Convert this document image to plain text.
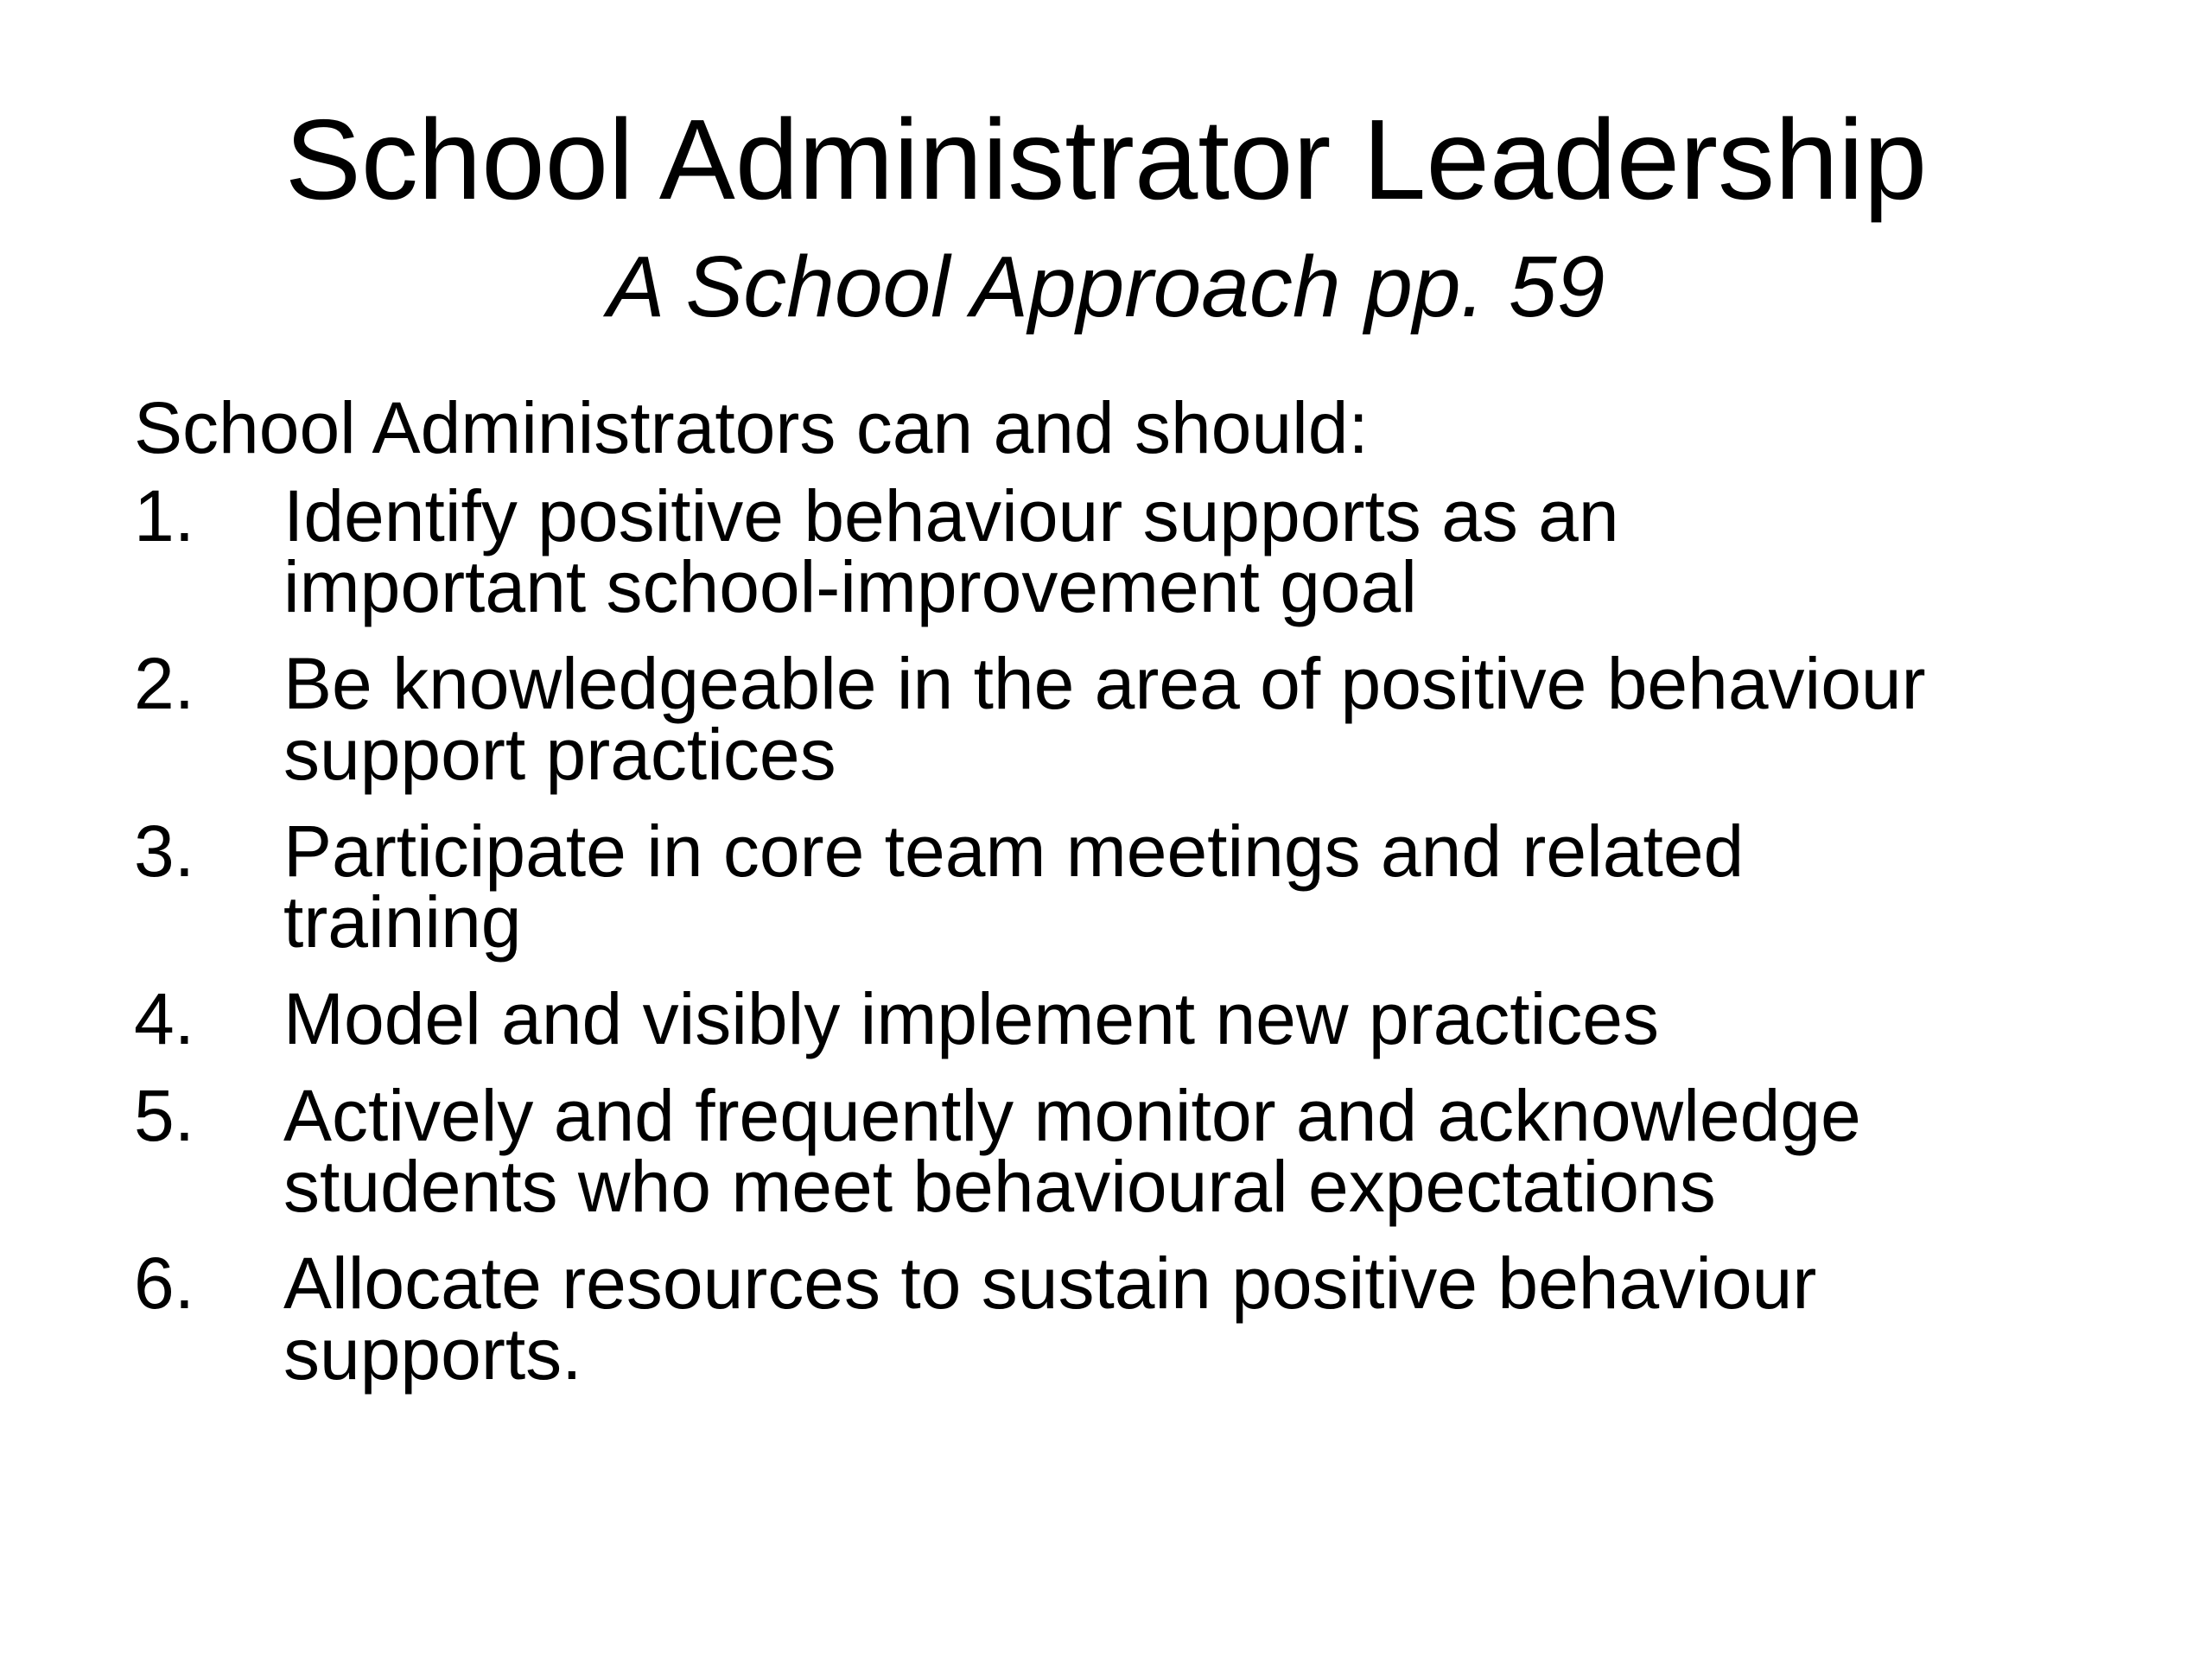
School Administrator Leadership
A School Approach pp. 59
School Administrators can and should:
1. Identify positive behaviour supports as an
important school-improvement goal
2. Be knowledgeable in the area of positive behaviour
support practices
3. Participate in core team meetings and related
training
4. Model and visibly implement new practices
5. Actively and frequently monitor and acknowledge
students who meet behavioural expectations
6. Allocate resources to sustain positive behaviour
supports.
